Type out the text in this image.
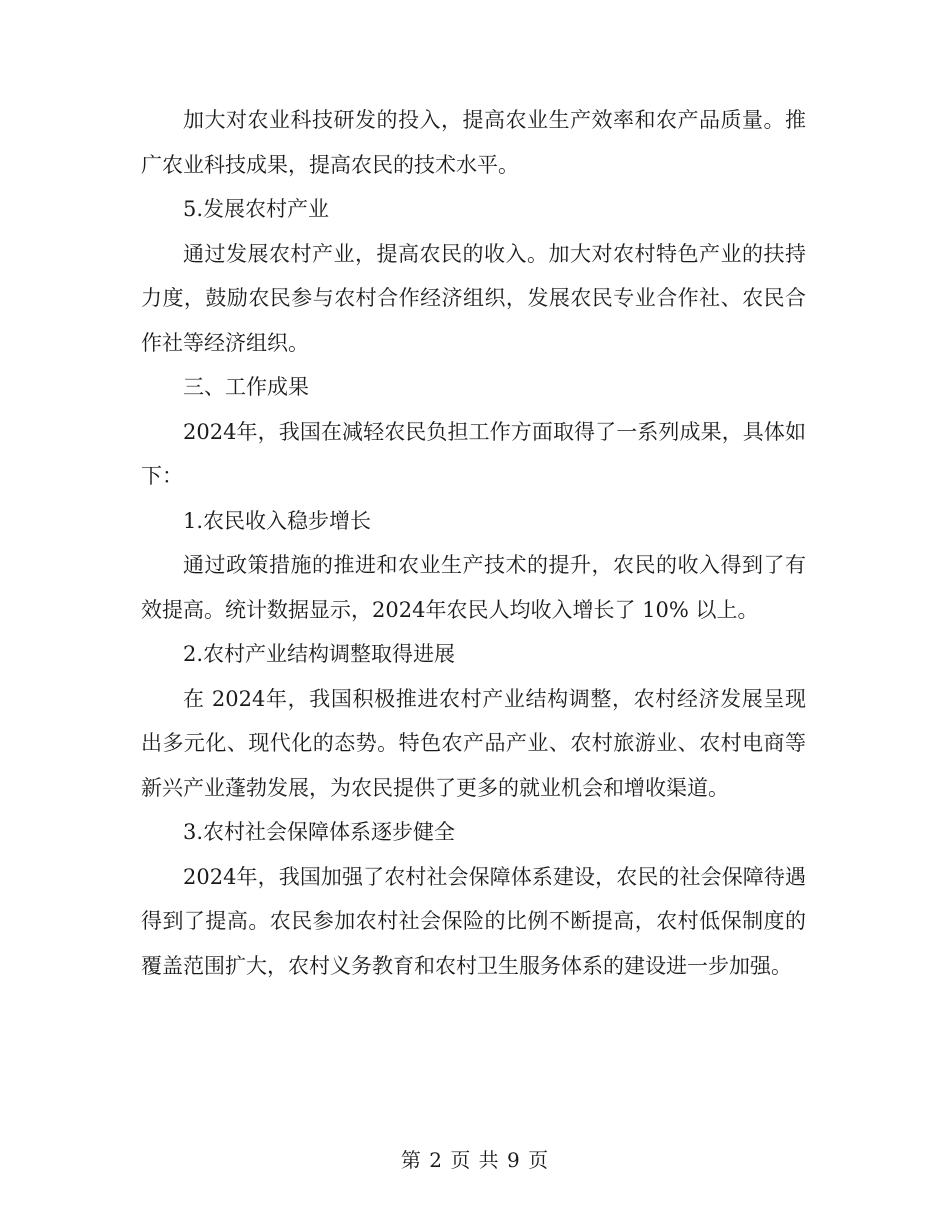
加大对农业科技研发的投入，提高农业生产效率和农产品质量。推广农业科技成果，提高农民的技术水平。

5.发展农村产业

通过发展农村产业，提高农民的收入。加大对农村特色产业的扶持力度，鼓励农民参与农村合作经济组织，发展农民专业合作社、农民合作社等经济组织。

三、工作成果

2024年，我国在减轻农民负担工作方面取得了一系列成果，具体如下：

1.农民收入稳步增长

通过政策措施的推进和农业生产技术的提升，农民的收入得到了有效提高。统计数据显示，2024年农民人均收入增长了 10% 以上。

2.农村产业结构调整取得进展

在 2024年，我国积极推进农村产业结构调整，农村经济发展呈现出多元化、现代化的态势。特色农产品产业、农村旅游业、农村电商等新兴产业蓬勃发展，为农民提供了更多的就业机会和增收渠道。

3.农村社会保障体系逐步健全

2024年，我国加强了农村社会保障体系建设，农民的社会保障待遇得到了提高。农民参加农村社会保险的比例不断提高，农村低保制度的覆盖范围扩大，农村义务教育和农村卫生服务体系的建设进一步加强。

第 2 页 共 9 页
